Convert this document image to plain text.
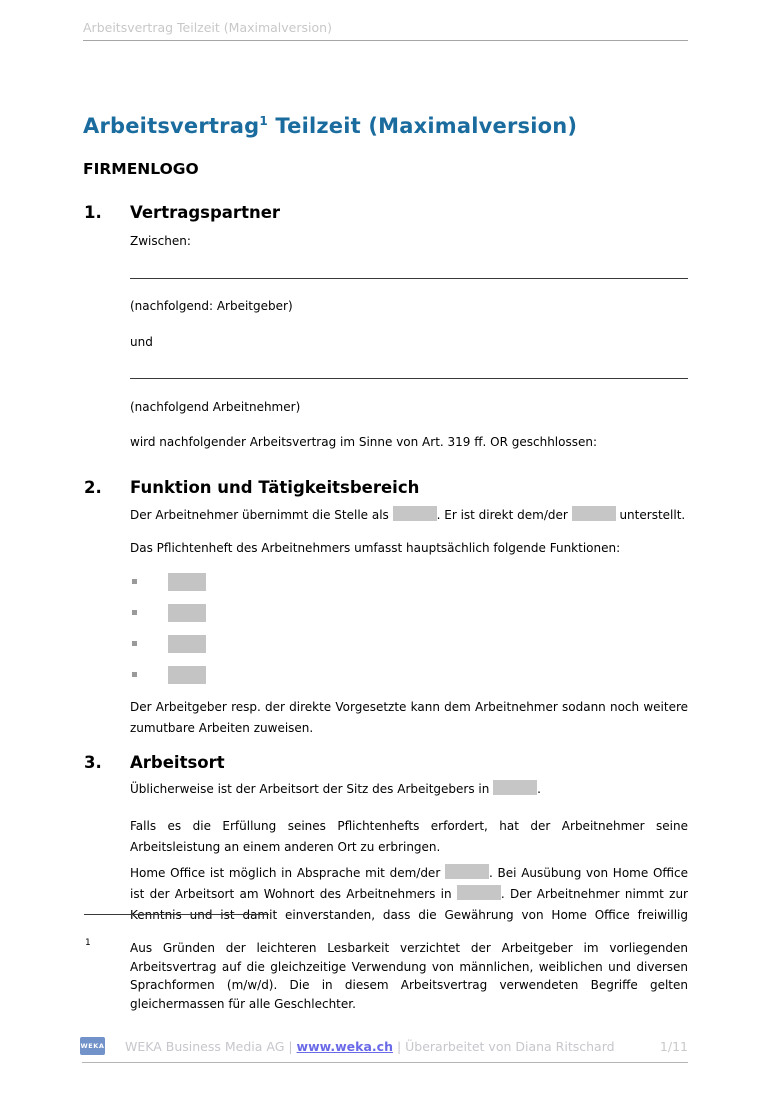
Arbeitsvertrag Teilzeit (Maximalversion)
Arbeitsvertrag$^1$ Teilzeit (Maximalversion)
FIRMENLOGO
1. Vertragspartner

Zwischen:

(nachfolgend: Arbeitgeber)

und

(nachfolgend Arbeitnehmer)

wird nachfolgender Arbeitsvertrag im Sinne von Art. 319 ff. OR geschhlossen:

2. Funktion und Tätigkeitsbereich

Der Arbeitnehmer übernimmt die Stelle als	. Er ist direkt dem/der	unterstellt.

Das Pflichtenheft des Arbeitnehmers umfasst hauptsächlich folgende Funktionen:

Der Arbeitgeber resp. der direkte Vorgesetzte kann dem Arbeitnehmer sodann noch weitere zumutbare Arbeiten zuweisen.

3. Arbeitsort

Üblicherweise ist der Arbeitsort der Sitz des Arbeitgebers in	.

Falls es die Erfüllung seines Pflichtenhefts erfordert, hat der Arbeitnehmer seine Arbeitsleistung an einem anderen Ort zu erbringen.

Home Office ist möglich in Absprache mit dem/der	. Bei Ausübung von Home Office ist der Arbeitsort am Wohnort des Arbeitnehmers in	. Der Arbeitnehmer nimmt zur Kenntnis und ist damit einverstanden, dass die Gewährung von Home Office freiwillig

1	Aus Gründen der leichteren Lesbarkeit verzichtet der Arbeitgeber im vorliegenden Arbeitsvertrag auf die gleichzeitige Verwendung von männlichen, weiblichen und diversen Sprachformen (m/w/d). Die in diesem Arbeitsvertrag verwendeten Begriffe gelten gleichermassen für alle Geschlechter.
WEKA WEKA Business Media AG | www.weka.ch | Überarbeitet von Diana Ritschard	1/11
